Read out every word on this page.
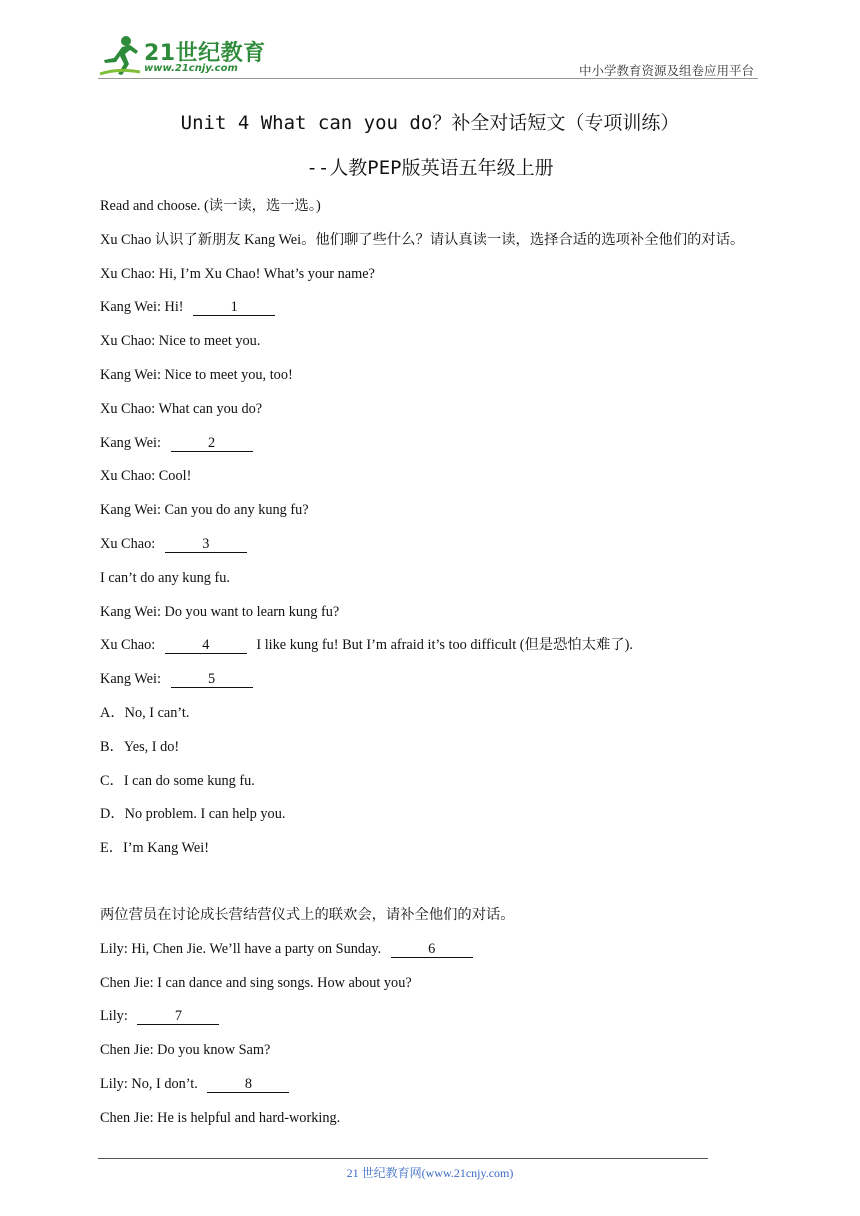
21世纪教育
www.21cnjy.com	中小学教育资源及组卷应用平台
Unit 4 What can you do？补全对话短文（专项训练）
--人教PEP版英语五年级上册
Read and choose. (读一读，选一选。)
Xu Chao 认识了新朋友 Kang Wei。他们聊了些什么？请认真读一读，选择合适的选项补全他们的对话。
Xu Chao: Hi, I’m Xu Chao! What’s your name?
Kang Wei: Hi!	1
Xu Chao: Nice to meet you.
Kang Wei: Nice to meet you, too!
Xu Chao: What can you do?
Kang Wei:	2
Xu Chao: Cool!
Kang Wei: Can you do any kung fu?
Xu Chao:	3
I can’t do any kung fu.
Kang Wei: Do you want to learn kung fu?
Xu Chao:	4	I like kung fu! But I’m afraid it’s too difficult (但是恐怕太难了).
Kang Wei:	5
A．No, I can’t.
B．Yes, I do!
C．I can do some kung fu.
D．No problem. I can help you.
E．I’m Kang Wei!
两位营员在讨论成长营结营仪式上的联欢会，请补全他们的对话。
Lily: Hi, Chen Jie. We’ll have a party on Sunday.	6
Chen Jie: I can dance and sing songs. How about you?
Lily:	7
Chen Jie: Do you know Sam?
Lily: No, I don’t.	8
Chen Jie: He is helpful and hard-working.
21 世纪教育网(www.21cnjy.com)
